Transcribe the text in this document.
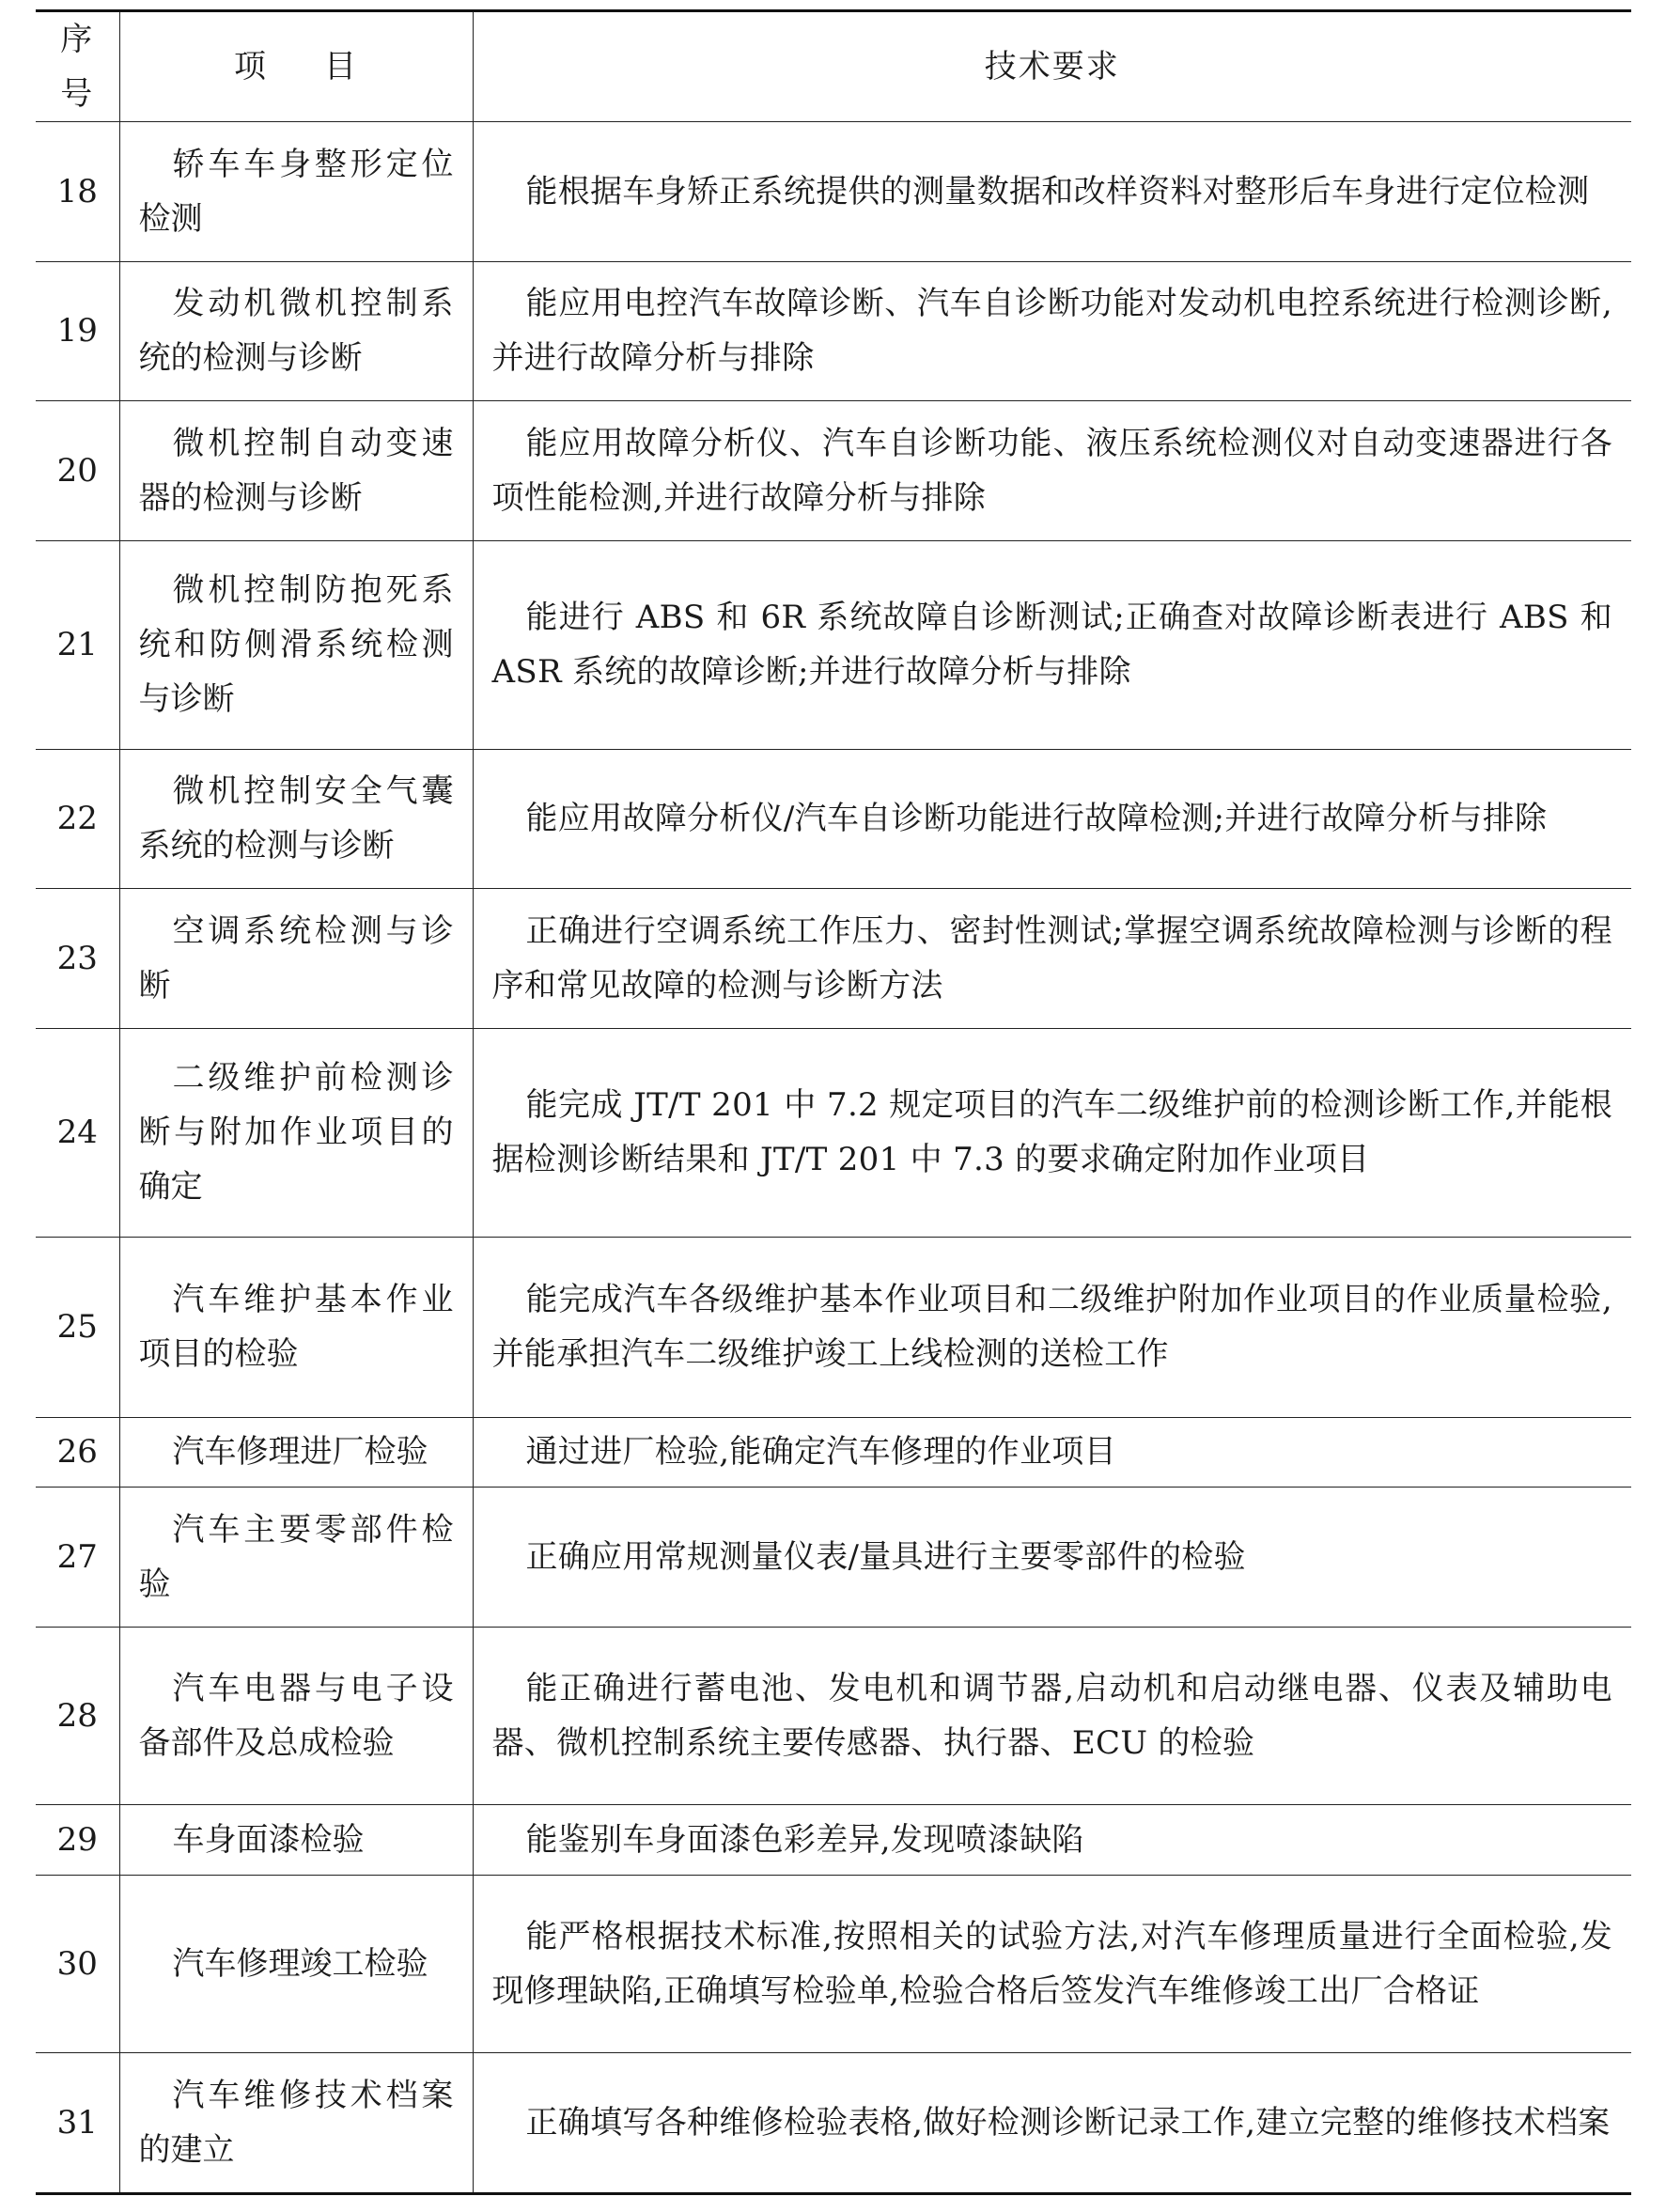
序号	项 目	技术要求
18	轿车车身整形定位检测	能根据车身矫正系统提供的测量数据和改样资料对整形后车身进行定位检测
19	发动机微机控制系统的检测与诊断	能应用电控汽车故障诊断、汽车自诊断功能对发动机电控系统进行检测诊断,并进行故障分析与排除
20	微机控制自动变速器的检测与诊断	能应用故障分析仪、汽车自诊断功能、液压系统检测仪对自动变速器进行各项性能检测,并进行故障分析与排除
21	微机控制防抱死系统和防侧滑系统检测与诊断	能进行 ABS 和 6R 系统故障自诊断测试;正确查对故障诊断表进行 ABS 和 ASR 系统的故障诊断;并进行故障分析与排除
22	微机控制安全气囊系统的检测与诊断	能应用故障分析仪/汽车自诊断功能进行故障检测;并进行故障分析与排除
23	空调系统检测与诊断	正确进行空调系统工作压力、密封性测试;掌握空调系统故障检测与诊断的程序和常见故障的检测与诊断方法
24	二级维护前检测诊断与附加作业项目的确定	能完成 JT/T 201 中 7.2 规定项目的汽车二级维护前的检测诊断工作,并能根据检测诊断结果和 JT/T 201 中 7.3 的要求确定附加作业项目
25	汽车维护基本作业项目的检验	能完成汽车各级维护基本作业项目和二级维护附加作业项目的作业质量检验,并能承担汽车二级维护竣工上线检测的送检工作
26	汽车修理进厂检验	通过进厂检验,能确定汽车修理的作业项目
27	汽车主要零部件检验	正确应用常规测量仪表/量具进行主要零部件的检验
28	汽车电器与电子设备部件及总成检验	能正确进行蓄电池、发电机和调节器,启动机和启动继电器、仪表及辅助电器、微机控制系统主要传感器、执行器、ECU 的检验
29	车身面漆检验	能鉴别车身面漆色彩差异,发现喷漆缺陷
30	汽车修理竣工检验	能严格根据技术标准,按照相关的试验方法,对汽车修理质量进行全面检验,发现修理缺陷,正确填写检验单,检验合格后签发汽车维修竣工出厂合格证
31	汽车维修技术档案的建立	正确填写各种维修检验表格,做好检测诊断记录工作,建立完整的维修技术档案
